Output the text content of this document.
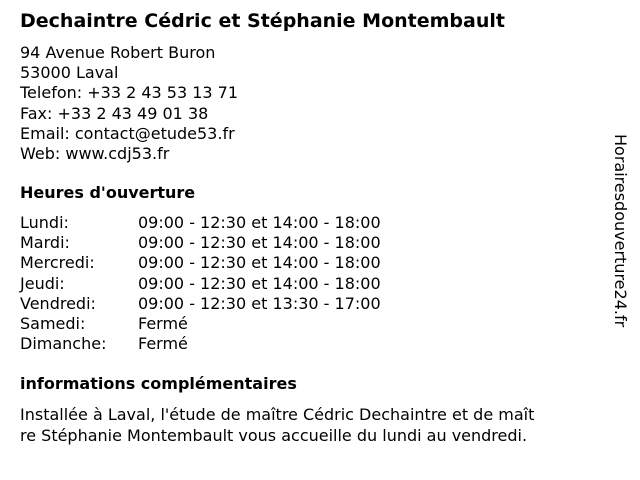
Dechaintre Cédric et Stéphanie Montembault
94 Avenue Robert Buron
53000 Laval
Telefon: +33 2 43 53 13 71
Fax: +33 2 43 49 01 38
Email: contact@etude53.fr
Web: www.cdj53.fr
Heures d'ouverture
Lundi:	09:00 - 12:30 et 14:00 - 18:00
Mardi:	09:00 - 12:30 et 14:00 - 18:00
Mercredi:	09:00 - 12:30 et 14:00 - 18:00
Jeudi:	09:00 - 12:30 et 14:00 - 18:00
Vendredi:	09:00 - 12:30 et 13:30 - 17:00
Samedi:	Fermé
Dimanche: Fermé
informations complémentaires
Installée à Laval, l'étude de maître Cédric Dechaintre et de maît
re Stéphanie Montembault vous accueille du lundi au vendredi.
Horairesdouverture24.fr
